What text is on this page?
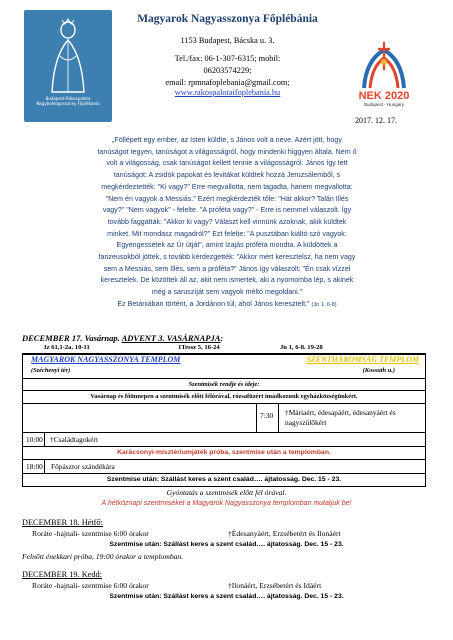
Budapest-Rákospalota Nagyboldogasszony Főplébánia
Magyarok Nagyasszonya Főplébánia
1153 Budapest, Bácska u. 3.
Tel./fax: 06-1-307-6315; mobil:
06203574229;
email: rpmnafoplebania@gmail.com;
www.rakospalotaifoplebania.hu	NEK 2020
Budapest - Hungary
2017. 12. 17.
„Föllépett egy ember, az Isten küldte, s János volt a neve. Azért jött, hogy
tanúságot tegyen, tanúságot a világosságról, hogy mindenki higgyen általa. Nem ő
volt a világosság, csak tanúságot kellett tennie a világosságról. János így tett
tanúságot: A zsidók papokat és levitákat küldtek hozzá Jeruzsálemből, s
megkérdeztették: "Ki vagy?" Erre megvallotta, nem tagadta, hanem megvallotta:
"Nem én vagyok a Messiás." Ezért megkérdezték tőle: "Hát akkor? Talán Illés
vagy?" "Nem vagyok" - felelte. "A próféta vagy?" - Erre is nemmel válaszolt. Így
tovább faggatták: "Akkor ki vagy? Választ kell vinnünk azoknak, akik küldtek
minket. Mit mondasz magadról?" Ezt felelte: "A pusztában kiáltó szó vagyok:
Egyengessétek az Úr útját", amint Izajás próféta mondta. A küldöttek a
farizeusokból jöttek, s tovább kérdezgették: "Akkor mért keresztelsz, ha nem vagy
sem a Messiás, sem Illés, sem a próféta?" János így válaszolt: "Én csak vízzel
keresztelek. De közöttek áll az, akit nem ismertek, aki a nyomomba lép, s akinek
még a saruszíját sem vagyok méltó megoldani."
Ez Betániában történt, a Jordánon túl, ahol János keresztelt." (Jn 1, 6-8)
DECEMBER 17. Vasárnap. ADVENT 3. VASÁRNAPJA:
Iz 61,1-2a. 10-11	1Tessz 5, 16-24	Jn 1, 6-8. 19-28
MAGYAROK NAGYASSZONYA TEMPLOM	SZENTHÁROMSÁG TEMPLOM
(Széchenyi tér)	(Kossuth u.)
Szentmisék rendje és ideje:
Vasárnap és főünnepen a szentmisék előtt félórával, rózsafüzért imádkozunk egyházközségünkért.
7:30	†Máriaért, édesapáért, édesanyáért és nagyszülőkért
10:00 †Családtagokért
Karácsonyi-misztériumjáték próba, szentmise után a templomban.
18:00 Főpásztor szándékára
Szentmise után: Szállást keres a szent család…. ájtatosság. Dec. 15 - 23.
Gyóntatás a szentmisék előtt fél órával.
A hétköznapi szentmiséket a Magyarok Nagyasszonya templomban mutatjuk be!
DECEMBER 18. Hétfő:
Roráte -hajnali- szentmise 6:00 órakor	†Édesanyáért, Erzsébetért és Ilonáért
Szentmise után: Szállást keres a szent család…. ájtatosság. Dec. 15 - 23.
Felnőtt énekkari próba, 19:00 órakor a templomban.
DECEMBER 19. Kedd:
Roráte -hajnali- szentmise 6:00 órakor	†Ilonáért, Erzsébetért és Idáért
Szentmise után: Szállást keres a szent család…. ájtatosság. Dec. 15 - 23.
